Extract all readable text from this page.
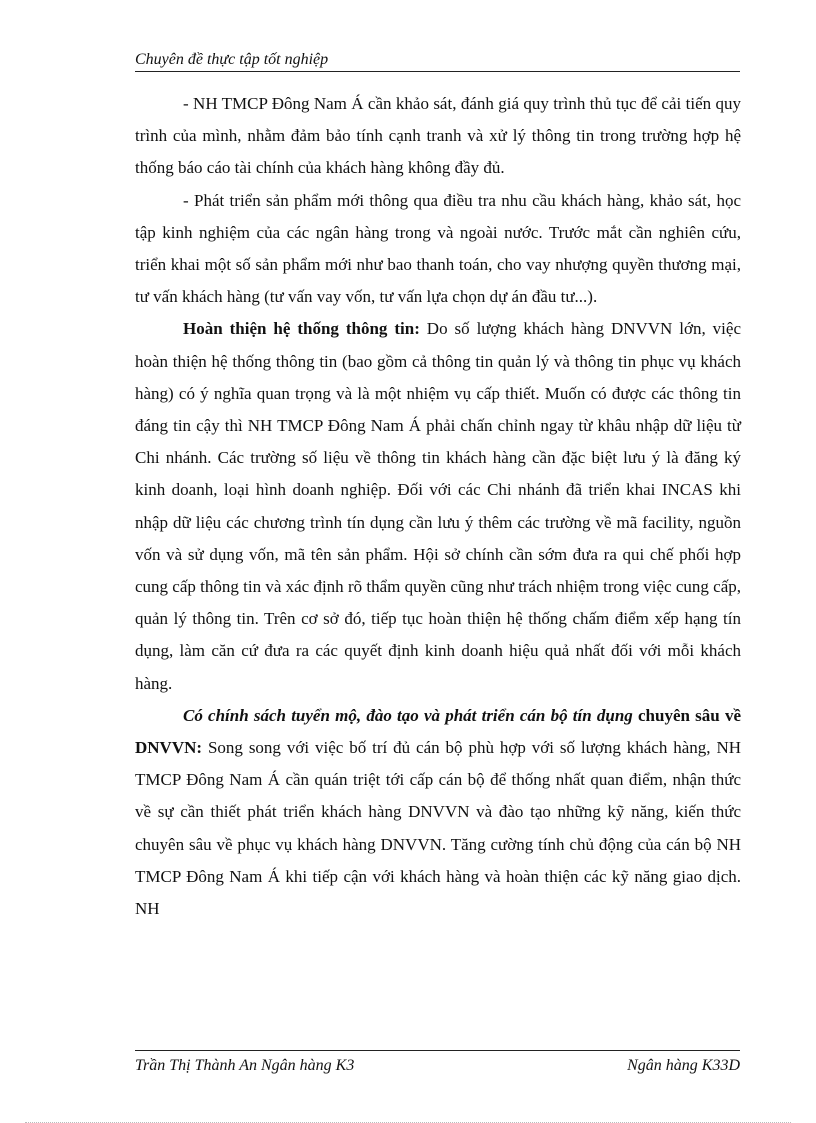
Chuyên đề thực tập tốt nghiệp

- NH TMCP Đông Nam Á cần khảo sát, đánh giá quy trình thủ tục để cải tiến quy trình của mình, nhằm đảm bảo tính cạnh tranh và xử lý thông tin trong trường hợp hệ thống báo cáo tài chính của khách hàng không đầy đủ.

- Phát triển sản phẩm mới thông qua điều tra nhu cầu khách hàng, khảo sát, học tập kinh nghiệm của các ngân hàng trong và ngoài nước. Trước mắt cần nghiên cứu, triển khai một số sản phẩm mới như bao thanh toán, cho vay nhượng quyền thương mại, tư vấn khách hàng (tư vấn vay vốn, tư vấn lựa chọn dự án đầu tư...).

Hoàn thiện hệ thống thông tin: Do số lượng khách hàng DNVVN lớn, việc hoàn thiện hệ thống thông tin (bao gồm cả thông tin quản lý và thông tin phục vụ khách hàng) có ý nghĩa quan trọng và là một nhiệm vụ cấp thiết. Muốn có được các thông tin đáng tin cậy thì NH TMCP Đông Nam Á phải chấn chỉnh ngay từ khâu nhập dữ liệu từ Chi nhánh. Các trường số liệu về thông tin khách hàng cần đặc biệt lưu ý là đăng ký kinh doanh, loại hình doanh nghiệp. Đối với các Chi nhánh đã triển khai INCAS khi nhập dữ liệu các chương trình tín dụng cần lưu ý thêm các trường về mã facility, nguồn vốn và sử dụng vốn, mã tên sản phẩm. Hội sở chính cần sớm đưa ra qui chế phối hợp cung cấp thông tin và xác định rõ thẩm quyền cũng như trách nhiệm trong việc cung cấp, quản lý thông tin. Trên cơ sở đó, tiếp tục hoàn thiện hệ thống chấm điểm xếp hạng tín dụng, làm căn cứ đưa ra các quyết định kinh doanh hiệu quả nhất đối với mỗi khách hàng.

Có chính sách tuyển mộ, đào tạo và phát triển cán bộ tín dụng chuyên sâu về DNVVN: Song song với việc bố trí đủ cán bộ phù hợp với số lượng khách hàng, NH TMCP Đông Nam Á cần quán triệt tới cấp cán bộ để thống nhất quan điểm, nhận thức về sự cần thiết phát triển khách hàng DNVVN và đào tạo những kỹ năng, kiến thức chuyên sâu về phục vụ khách hàng DNVVN. Tăng cường tính chủ động của cán bộ NH TMCP Đông Nam Á khi tiếp cận với khách hàng và hoàn thiện các kỹ năng giao dịch. NH

Trần Thị Thành An Ngân hàng K3	Ngân hàng K33D
